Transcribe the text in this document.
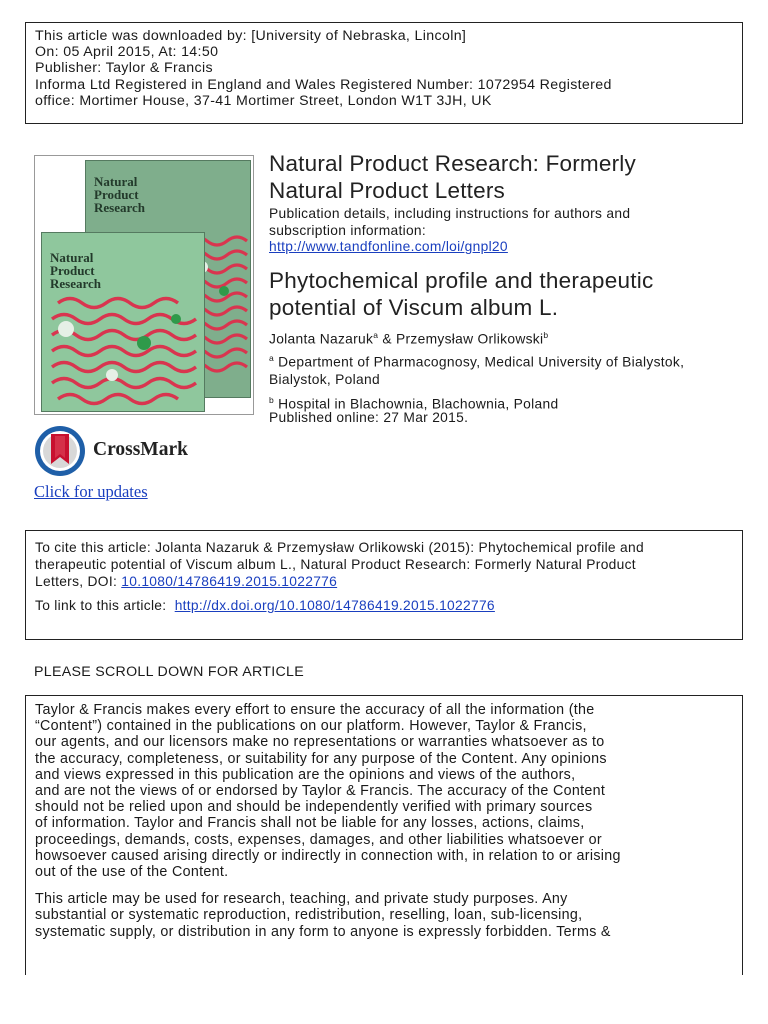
This article was downloaded by: [University of Nebraska, Lincoln]
On: 05 April 2015, At: 14:50
Publisher: Taylor & Francis
Informa Ltd Registered in England and Wales Registered Number: 1072954 Registered
office: Mortimer House, 37-41 Mortimer Street, London W1T 3JH, UK
Natural
Product
Research
Natural
Product
Research
Natural Product Research: Formerly
Natural Product Letters
Publication details, including instructions for authors and
subscription information:
http://www.tandfonline.com/loi/gnpl20
Phytochemical profile and therapeutic
potential of Viscum album L.
Jolanta Nazaruk$^a$ & Przemysław Orlikowski$^b$
$^a$ Department of Pharmacognosy, Medical University of Bialystok,
Bialystok, Poland
$^b$ Hospital in Blachownia, Blachownia, Poland
Published online: 27 Mar 2015.
CrossMark
Click for updates
To cite this article: Jolanta Nazaruk & Przemysław Orlikowski (2015): Phytochemical profile and
therapeutic potential of Viscum album L., Natural Product Research: Formerly Natural Product
Letters, DOI: 10.1080/14786419.2015.1022776
To link to this article:  http://dx.doi.org/10.1080/14786419.2015.1022776
PLEASE SCROLL DOWN FOR ARTICLE
Taylor & Francis makes every effort to ensure the accuracy of all the information (the
“Content”) contained in the publications on our platform. However, Taylor & Francis,
our agents, and our licensors make no representations or warranties whatsoever as to
the accuracy, completeness, or suitability for any purpose of the Content. Any opinions
and views expressed in this publication are the opinions and views of the authors,
and are not the views of or endorsed by Taylor & Francis. The accuracy of the Content
should not be relied upon and should be independently verified with primary sources
of information. Taylor and Francis shall not be liable for any losses, actions, claims,
proceedings, demands, costs, expenses, damages, and other liabilities whatsoever or
howsoever caused arising directly or indirectly in connection with, in relation to or arising
out of the use of the Content.
This article may be used for research, teaching, and private study purposes. Any
substantial or systematic reproduction, redistribution, reselling, loan, sub-licensing,
systematic supply, or distribution in any form to anyone is expressly forbidden. Terms &
